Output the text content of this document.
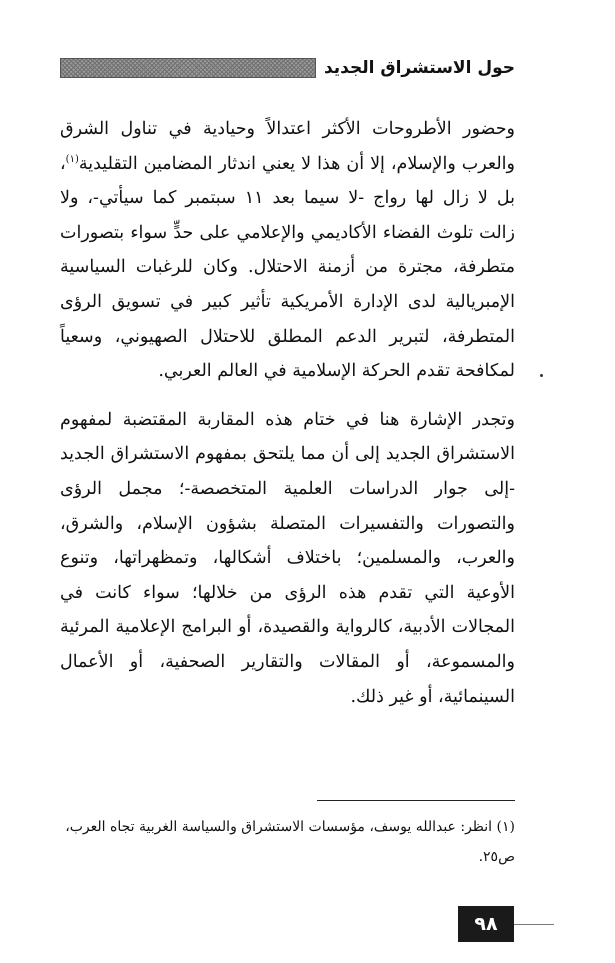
حول الاستشراق الجديد

وحضور الأطروحات الأكثر اعتدالاً وحيادية في تناول الشرق والعرب والإسلام، إلا أن هذا لا يعني اندثار المضامين التقليدية$^{(١)}$، بل لا زال لها رواج -لا سيما بعد ١١ سبتمبر كما سيأتي-، ولا زالت تلوث الفضاء الأكاديمي والإعلامي على حدٍّ سواء بتصورات متطرفة، مجترة من أزمنة الاحتلال. وكان للرغبات السياسية الإمبريالية لدى الإدارة الأمريكية تأثير كبير في تسويق الرؤى المتطرفة، لتبرير الدعم المطلق للاحتلال الصهيوني، وسعياً لمكافحة تقدم الحركة الإسلامية في العالم العربي.

وتجدر الإشارة هنا في ختام هذه المقاربة المقتضبة لمفهوم الاستشراق الجديد إلى أن مما يلتحق بمفهوم الاستشراق الجديد -إلى جوار الدراسات العلمية المتخصصة-؛ مجمل الرؤى والتصورات والتفسيرات المتصلة بشؤون الإسلام، والشرق، والعرب، والمسلمين؛ باختلاف أشكالها، وتمظهراتها، وتنوع الأوعية التي تقدم هذه الرؤى من خلالها؛ سواء كانت في المجالات الأدبية، كالرواية والقصيدة، أو البرامج الإعلامية المرئية والمسموعة، أو المقالات والتقارير الصحفية، أو الأعمال السينمائية، أو غير ذلك.

(١) انظر: عبدالله يوسف، مؤسسات الاستشراق والسياسة الغربية تجاه العرب، ص٢٥.

٩٨
